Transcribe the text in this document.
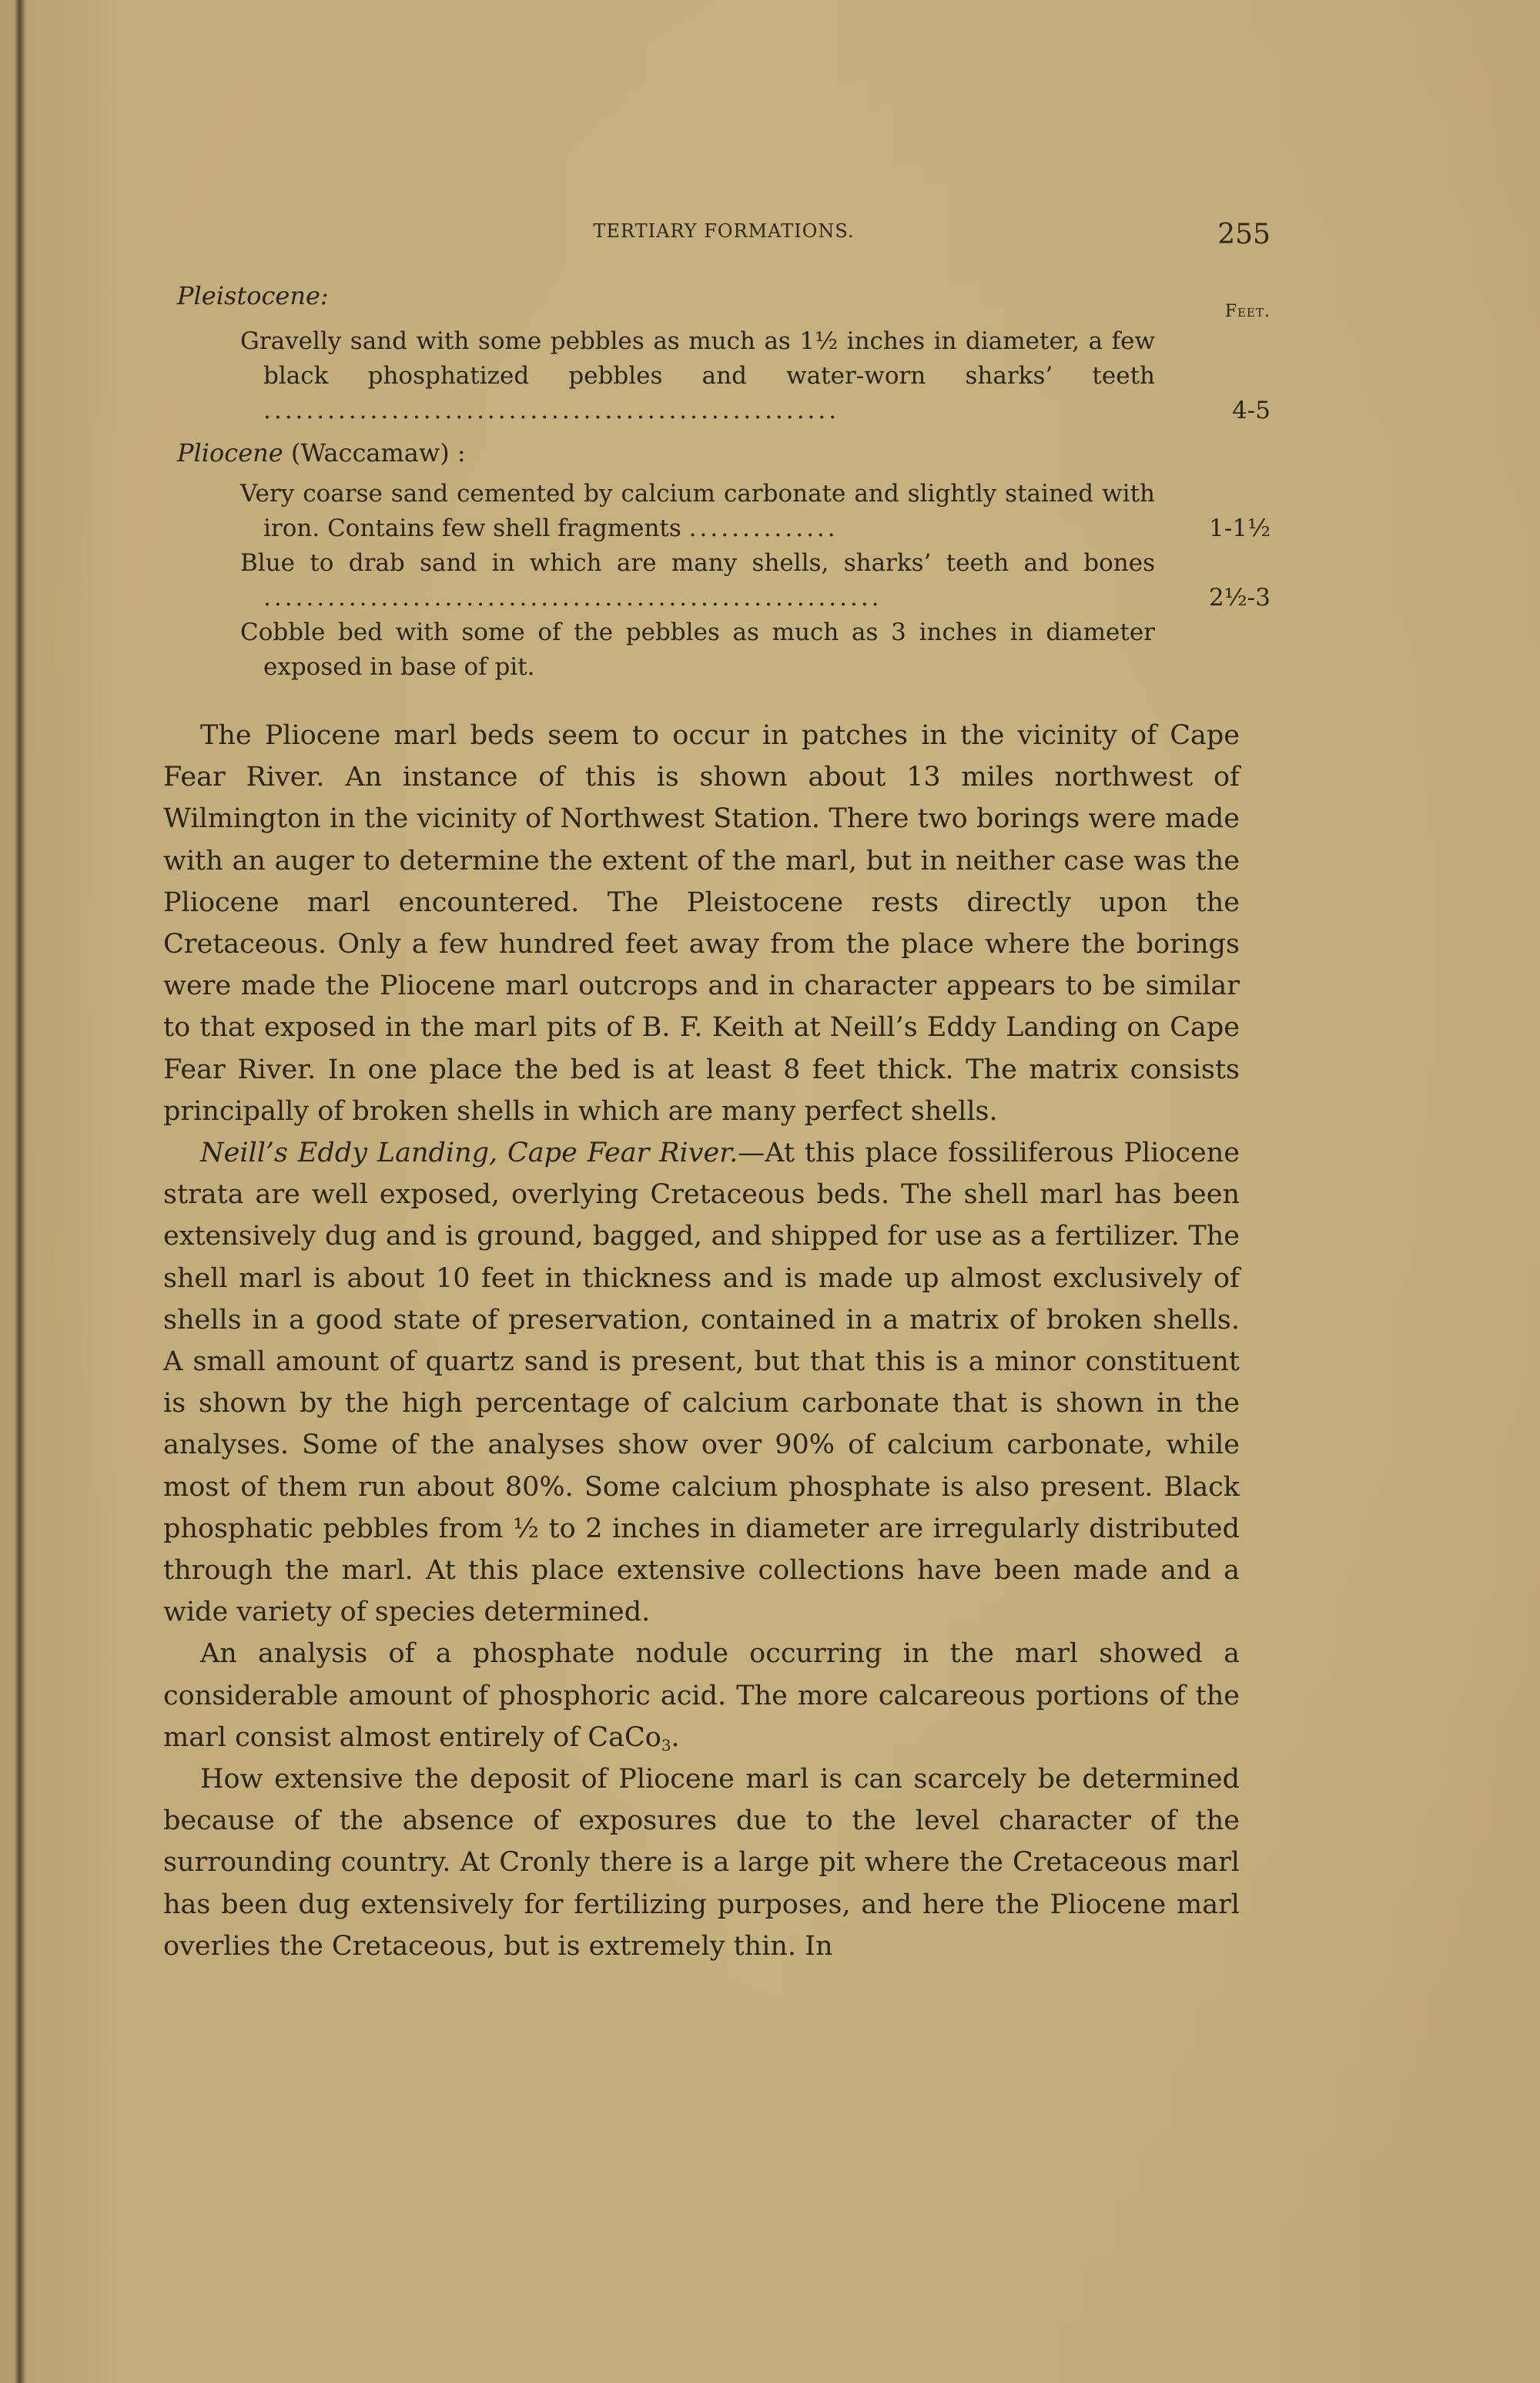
TERTIARY FORMATIONS.	255
Feet.
Pleistocene:
Gravelly sand with some pebbles as much as 1½ inches in diameter, a few black phosphatized pebbles and water-worn sharks’ teeth ......................................................	4-5
Pliocene (Waccamaw) :
Very coarse sand cemented by calcium carbonate and slightly stained with iron. Contains few shell fragments ..............	1-1½
Blue to drab sand in which are many shells, sharks’ teeth and bones ..........................................................	2½-3
Cobble bed with some of the pebbles as much as 3 inches in diameter exposed in base of pit.

The Pliocene marl beds seem to occur in patches in the vicinity of Cape Fear River. An instance of this is shown about 13 miles northwest of Wilmington in the vicinity of Northwest Station. There two borings were made with an auger to determine the extent of the marl, but in neither case was the Pliocene marl encountered. The Pleistocene rests directly upon the Cretaceous. Only a few hundred feet away from the place where the borings were made the Pliocene marl outcrops and in character appears to be similar to that exposed in the marl pits of B. F. Keith at Neill’s Eddy Landing on Cape Fear River. In one place the bed is at least 8 feet thick. The matrix consists principally of broken shells in which are many perfect shells.

Neill’s Eddy Landing, Cape Fear River.—At this place fossiliferous Pliocene strata are well exposed, overlying Cretaceous beds. The shell marl has been extensively dug and is ground, bagged, and shipped for use as a fertilizer. The shell marl is about 10 feet in thickness and is made up almost exclusively of shells in a good state of preservation, contained in a matrix of broken shells. A small amount of quartz sand is present, but that this is a minor constituent is shown by the high percentage of calcium carbonate that is shown in the analyses. Some of the analyses show over 90% of calcium carbonate, while most of them run about 80%. Some calcium phosphate is also present. Black phosphatic pebbles from ½ to 2 inches in diameter are irregularly distributed through the marl. At this place extensive collections have been made and a wide variety of species determined.

An analysis of a phosphate nodule occurring in the marl showed a considerable amount of phosphoric acid. The more calcareous portions of the marl consist almost entirely of CaCo$_3$.

How extensive the deposit of Pliocene marl is can scarcely be determined because of the absence of exposures due to the level character of the surrounding country. At Cronly there is a large pit where the Cretaceous marl has been dug extensively for fertilizing purposes, and here the Pliocene marl overlies the Cretaceous, but is extremely thin. In
